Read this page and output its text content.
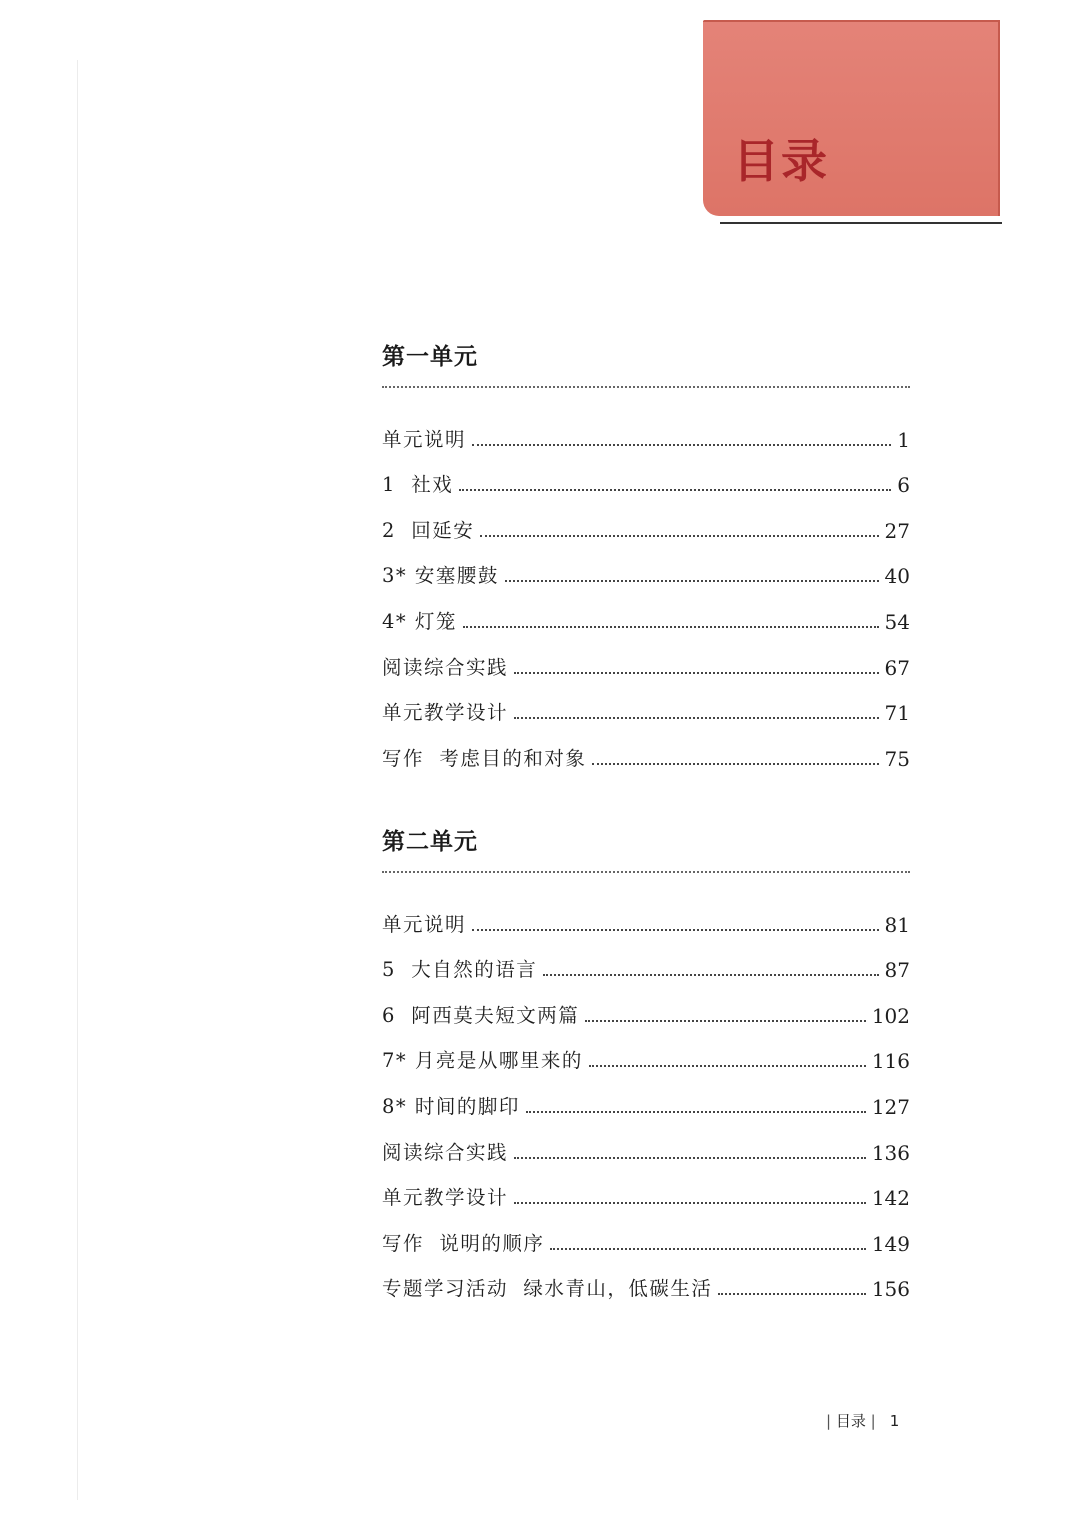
目录
第一单元
单元说明	1
1  社戏	6
2  回延安	27
3* 安塞腰鼓	40
4* 灯笼	54
阅读综合实践	67
单元教学设计	71
写作  考虑目的和对象	75
第二单元
单元说明	81
5  大自然的语言	87
6  阿西莫夫短文两篇	102
7* 月亮是从哪里来的	116
8* 时间的脚印	127
阅读综合实践	136
单元教学设计	142
写作  说明的顺序	149
专题学习活动  绿水青山，低碳生活	156
| 目录 | 1
